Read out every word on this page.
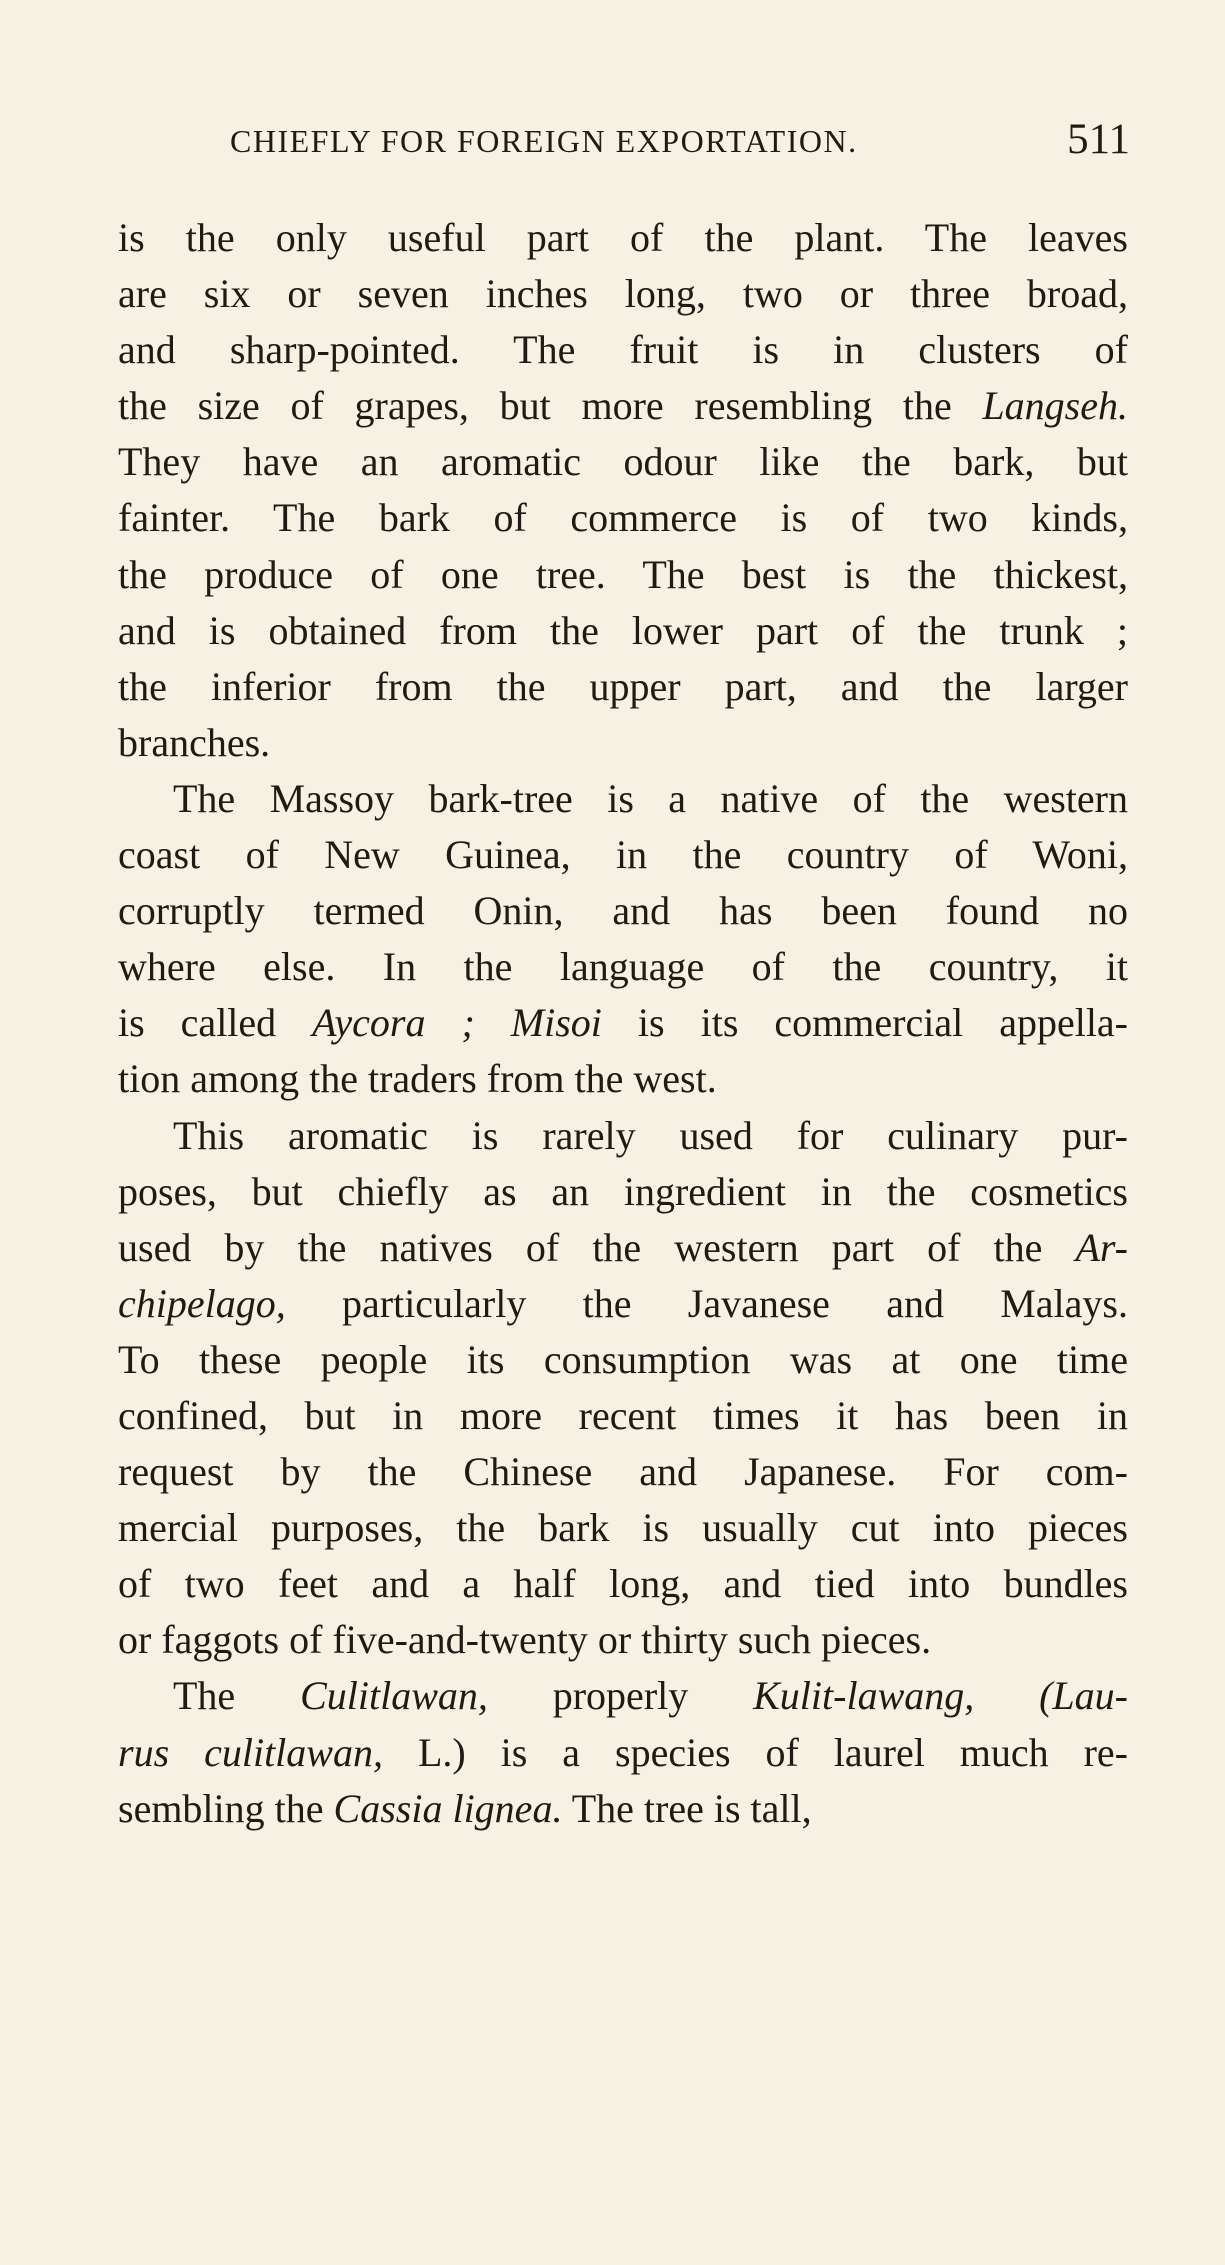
CHIEFLY FOR FOREIGN EXPORTATION.	511
is the only useful part of the plant. The leaves
are six or seven inches long, two or three broad,
and sharp-pointed. The fruit is in clusters of
the size of grapes, but more resembling the Langseh.
They have an aromatic odour like the bark, but
fainter. The bark of commerce is of two kinds,
the produce of one tree. The best is the thickest,
and is obtained from the lower part of the trunk ;
the inferior from the upper part, and the larger
branches.
The Massoy bark-tree is a native of the western
coast of New Guinea, in the country of Woni,
corruptly termed Onin, and has been found no
where else. In the language of the country, it
is called Aycora ; Misoi is its commercial appella-
tion among the traders from the west.
This aromatic is rarely used for culinary pur-
poses, but chiefly as an ingredient in the cosmetics
used by the natives of the western part of the Ar-
chipelago, particularly the Javanese and Malays.
To these people its consumption was at one time
confined, but in more recent times it has been in
request by the Chinese and Japanese. For com-
mercial purposes, the bark is usually cut into pieces
of two feet and a half long, and tied into bundles
or faggots of five-and-twenty or thirty such pieces.
The Culitlawan, properly Kulit-lawang, (Lau-
rus culitlawan, L.) is a species of laurel much re-
sembling the Cassia lignea. The tree is tall,
